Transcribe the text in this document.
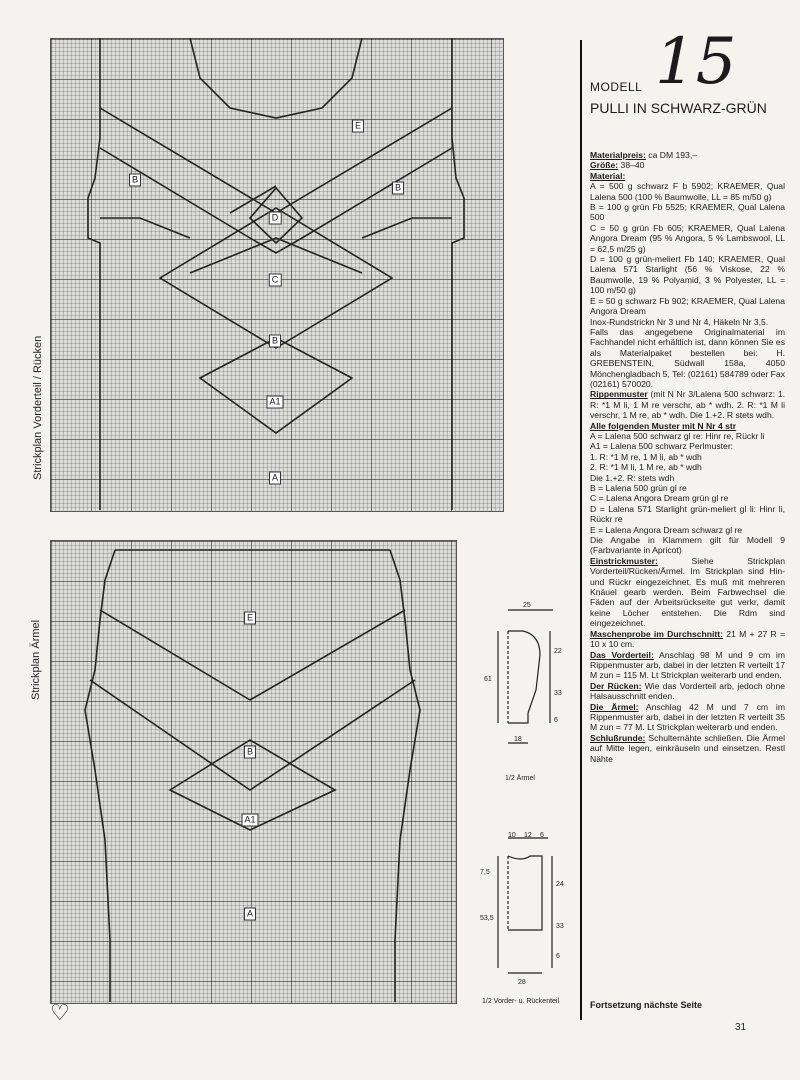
E
B
B
D
C
B
A1
A
Strickplan Vorderteil / Rücken
E
B
A1
A
Strickplan Ärmel
♡
25
22
61
33
6
18
1/2 Ärmel
10 12 6
7,5
24
53,5
33
6
28
1/2 Vorder- u. Rückenteil
15
MODELL
PULLI IN SCHWARZ-GRÜN

Materialpreis: ca DM 193,–

Größe: 38–40

Material:

A = 500 g schwarz F b 5902; KRAEMER, Qual Lalena 500 (100 % Baumwolle, LL = 85 m/50 g)

B = 100 g grün Fb 5525; KRAEMER, Qual Lalena 500

C = 50 g grün Fb 605; KRAEMER, Qual Lalena Angora Dream (95 % Angora, 5 % Lambswool, LL = 62,5 m/25 g)

D = 100 g grün-meliert Fb 140; KRAEMER, Qual Lalena 571 Starlight (56 % Viskose, 22 % Baumwolle, 19 % Polyamid, 3 % Polyester, LL = 100 m/50 g)

E = 50 g schwarz Fb 902; KRAEMER, Qual Lalena Angora Dream

Inox-Rundstrickn Nr 3 und Nr 4, Häkeln Nr 3,5.

Falls das angegebene Originalmaterial im Fachhandel nicht erhältlich ist, dann können Sie es als Materialpaket bestellen bei: H. GREBENSTEIN, Südwall 158a, 4050 Mönchengladbach 5, Tel: (02161) 584789 oder Fax (02161) 570020.

Rippenmuster (mit N Nr 3/Lalena 500 schwarz: 1. R: *1 M li, 1 M re verschr, ab * wdh. 2. R: *1 M li verschr, 1 M re, ab * wdh. Die 1.+2. R stets wdh.

Alle folgenden Muster mit N Nr 4 str

A = Lalena 500 schwarz gl re: Hinr re, Rückr li

A1 = Lalena 500 schwarz Perlmuster:

1. R: *1 M re, 1 M li, ab * wdh

2. R: *1 M li, 1 M re, ab * wdh

Die 1.+2. R: stets wdh

B = Lalena 500 grün gl re

C = Lalena Angora Dream grün gl re

D = Lalena 571 Starlight grün-meliert gl li: Hinr li, Rückr re

E = Lalena Angora Dream schwarz gl re

Die Angabe in Klammern gilt für Modell 9 (Farbvariante in Apricot)

Einstrickmuster: Siehe Strickplan Vorderteil/Rücken/Ärmel. Im Strickplan sind Hin- und Rückr eingezeichnet. Es muß mit mehreren Knäuel gearb werden. Beim Farbwechsel die Fäden auf der Arbeitsrückseite gut verkr, damit keine Löcher entstehen. Die Rdm sind eingezeichnet.

Maschenprobe im Durchschnitt: 21 M + 27 R = 10 x 10 cm.

Das Vorderteil: Anschlag 98 M und 9 cm im Rippenmuster arb, dabei in der letzten R verteilt 17 M zun = 115 M. Lt Strickplan weiterarb und enden.

Der Rücken: Wie das Vorderteil arb, jedoch ohne Halsausschnitt enden.

Die Ärmel: Anschlag 42 M und 7 cm im Rippenmuster arb, dabei in der letzten R verteilt 35 M zun = 77 M. Lt Strickplan weiterarb und enden.

Schlußrunde: Schulternähte schließen. Die Ärmel auf Mitte legen, einkräuseln und einsetzen. Restl Nähte

Fortsetzung nächste Seite
31
